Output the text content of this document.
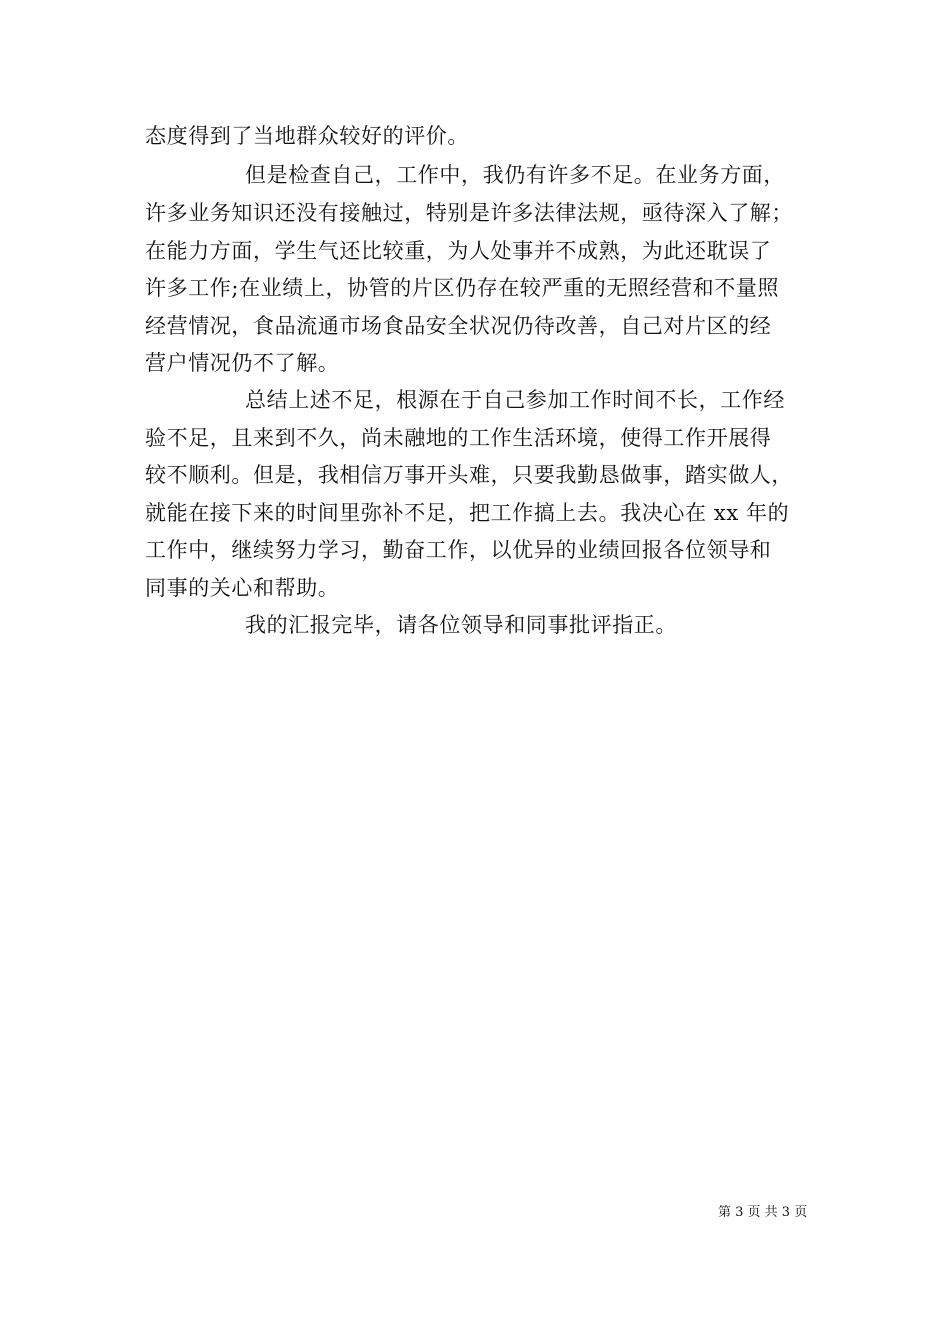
态度得到了当地群众较好的评价。
但是检查自己，工作中，我仍有许多不足。在业务方面，
许多业务知识还没有接触过，特别是许多法律法规，亟待深入了解；
在能力方面，学生气还比较重，为人处事并不成熟，为此还耽误了
许多工作;在业绩上，协管的片区仍存在较严重的无照经营和不量照
经营情况，食品流通市场食品安全状况仍待改善，自己对片区的经
营户情况仍不了解。
总结上述不足，根源在于自己参加工作时间不长，工作经
验不足，且来到不久，尚未融地的工作生活环境，使得工作开展得
较不顺利。但是，我相信万事开头难，只要我勤恳做事，踏实做人，
就能在接下来的时间里弥补不足，把工作搞上去。我决心在 xx 年的
工作中，继续努力学习，勤奋工作，以优异的业绩回报各位领导和
同事的关心和帮助。
我的汇报完毕，请各位领导和同事批评指正。
第 3 页 共 3 页
